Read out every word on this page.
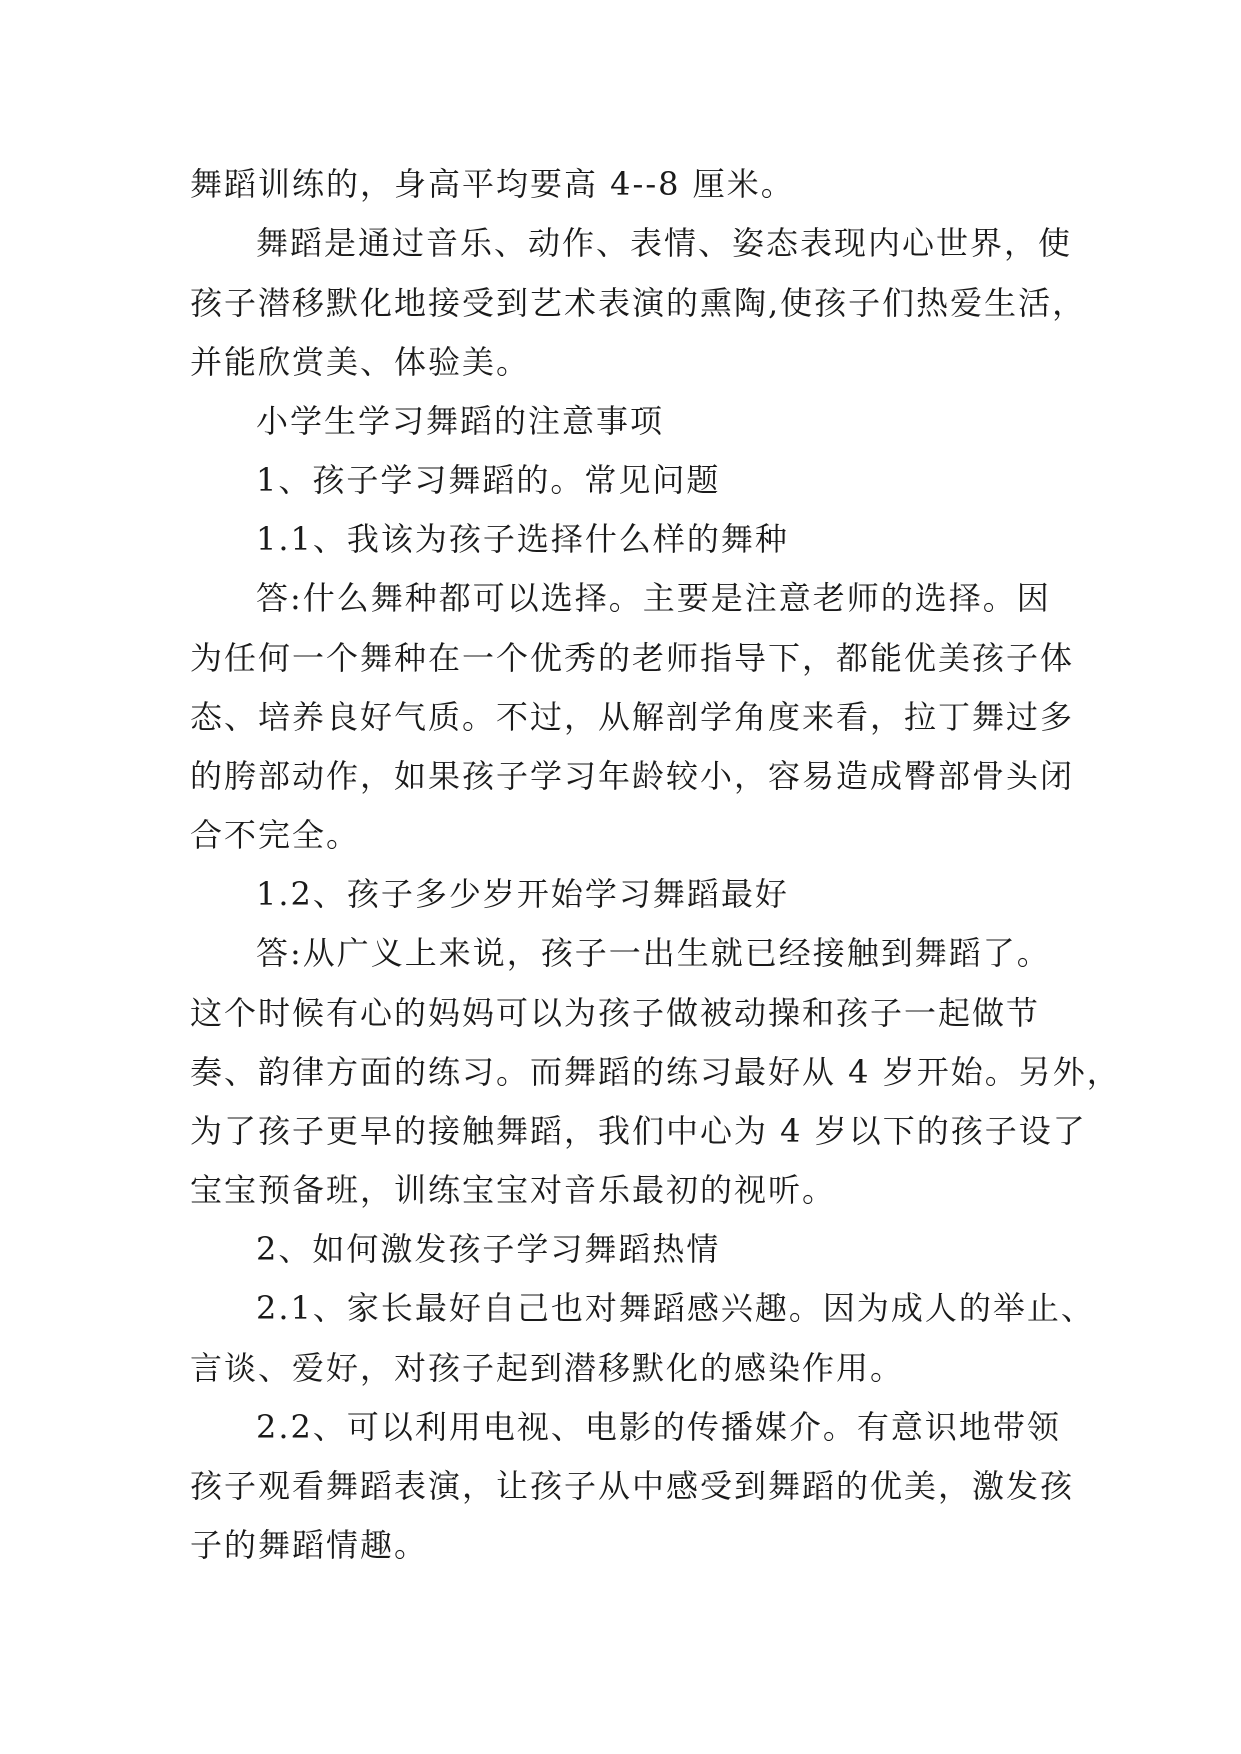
舞蹈训练的，身高平均要高 4--8 厘米。
舞蹈是通过音乐、动作、表情、姿态表现内心世界，使
孩子潜移默化地接受到艺术表演的熏陶,使孩子们热爱生活，
并能欣赏美、体验美。
小学生学习舞蹈的注意事项
1、孩子学习舞蹈的。常见问题
1.1、我该为孩子选择什么样的舞种
答:什么舞种都可以选择。主要是注意老师的选择。因
为任何一个舞种在一个优秀的老师指导下，都能优美孩子体
态、培养良好气质。不过，从解剖学角度来看，拉丁舞过多
的胯部动作，如果孩子学习年龄较小，容易造成臀部骨头闭
合不完全。
1.2、孩子多少岁开始学习舞蹈最好
答:从广义上来说，孩子一出生就已经接触到舞蹈了。
这个时候有心的妈妈可以为孩子做被动操和孩子一起做节
奏、韵律方面的练习。而舞蹈的练习最好从 4 岁开始。另外，
为了孩子更早的接触舞蹈，我们中心为 4 岁以下的孩子设了
宝宝预备班，训练宝宝对音乐最初的视听。
2、如何激发孩子学习舞蹈热情
2.1、家长最好自己也对舞蹈感兴趣。因为成人的举止、
言谈、爱好，对孩子起到潜移默化的感染作用。
2.2、可以利用电视、电影的传播媒介。有意识地带领
孩子观看舞蹈表演，让孩子从中感受到舞蹈的优美，激发孩
子的舞蹈情趣。
